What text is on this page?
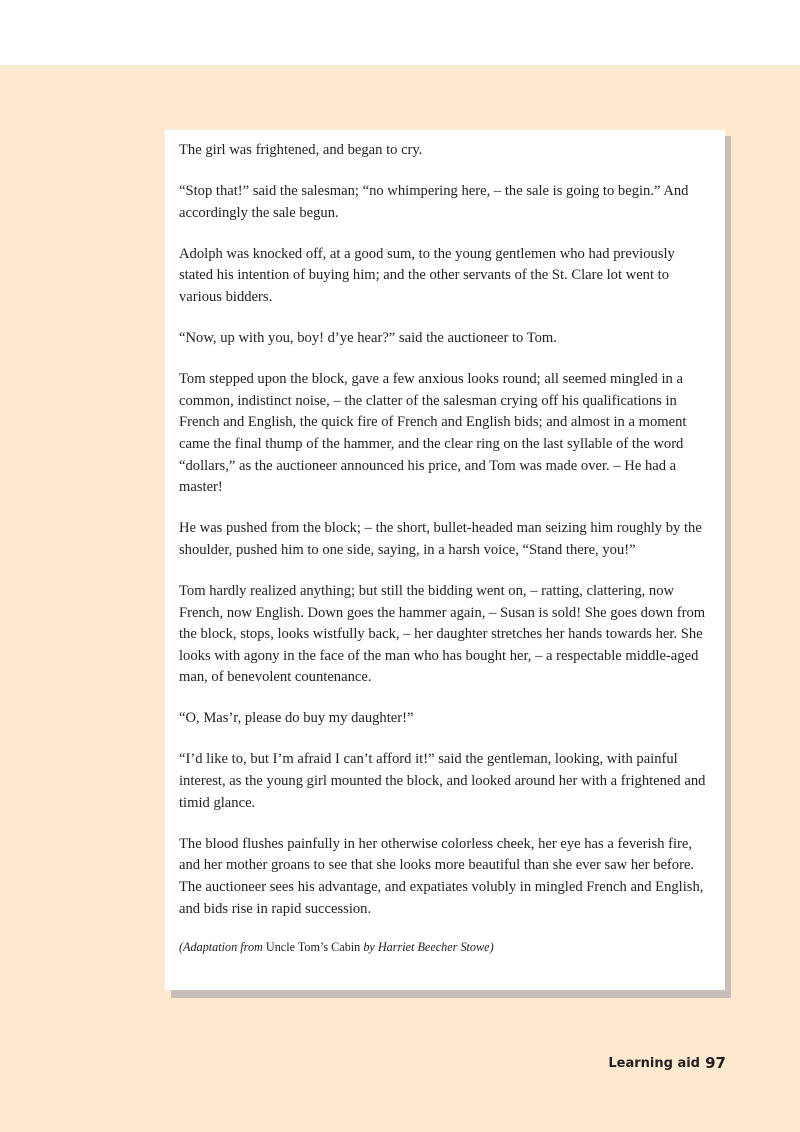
The girl was frightened, and began to cry.

“Stop that!” said the salesman; “no whimpering here, – the sale is going to begin.” And accordingly the sale begun.

Adolph was knocked off, at a good sum, to the young gentlemen who had previously stated his intention of buying him; and the other servants of the St. Clare lot went to various bidders.

“Now, up with you, boy! d’ye hear?” said the auctioneer to Tom.

Tom stepped upon the block, gave a few anxious looks round; all seemed mingled in a common, indistinct noise, – the clatter of the salesman crying off his qualifications in French and English, the quick fire of French and English bids; and almost in a moment came the final thump of the hammer, and the clear ring on the last syllable of the word “dollars,” as the auctioneer announced his price, and Tom was made over. – He had a master!

He was pushed from the block; – the short, bullet-headed man seizing him roughly by the shoulder, pushed him to one side, saying, in a harsh voice, “Stand there, you!”

Tom hardly realized anything; but still the bidding went on, – ratting, clattering, now French, now English. Down goes the hammer again, – Susan is sold! She goes down from the block, stops, looks wistfully back, – her daughter stretches her hands towards her. She looks with agony in the face of the man who has bought her, – a respectable middle-aged man, of benevolent countenance.

“O, Mas’r, please do buy my daughter!”

“I’d like to, but I’m afraid I can’t afford it!” said the gentleman, looking, with painful interest, as the young girl mounted the block, and looked around her with a frightened and timid glance.

The blood flushes painfully in her otherwise colorless cheek, her eye has a feverish fire, and her mother groans to see that she looks more beautiful than she ever saw her before. The auctioneer sees his advantage, and expatiates volubly in mingled French and English, and bids rise in rapid succession.

(Adaptation from Uncle Tom’s Cabin by Harriet Beecher Stowe)

Learning aid 97
